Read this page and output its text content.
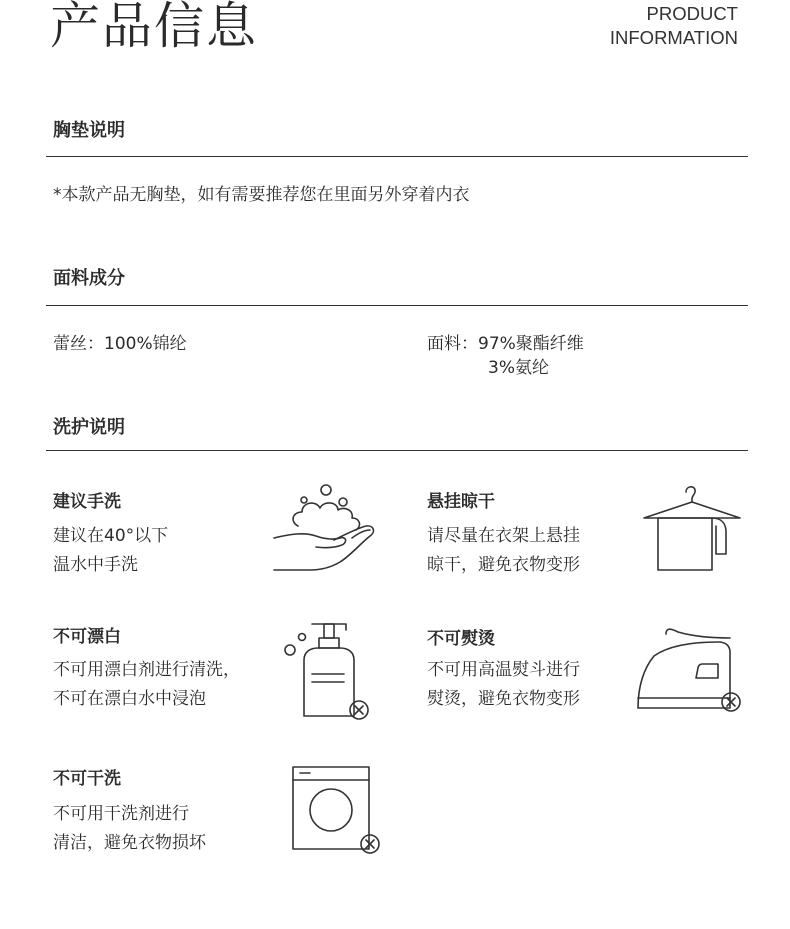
产品信息	PRODUCT
INFORMATION
胸垫说明
*本款产品无胸垫，如有需要推荐您在里面另外穿着内衣
面料成分
蕾丝：100%锦纶	面料：97%聚酯纤维
3%氨纶
洗护说明
建议手洗
建议在40°以下
温水中手洗
悬挂晾干
请尽量在衣架上悬挂
晾干，避免衣物变形
不可漂白
不可用漂白剂进行清洗，
不可在漂白水中浸泡
不可熨烫
不可用高温熨斗进行
熨烫，避免衣物变形
不可干洗
不可用干洗剂进行
清洁，避免衣物损坏
